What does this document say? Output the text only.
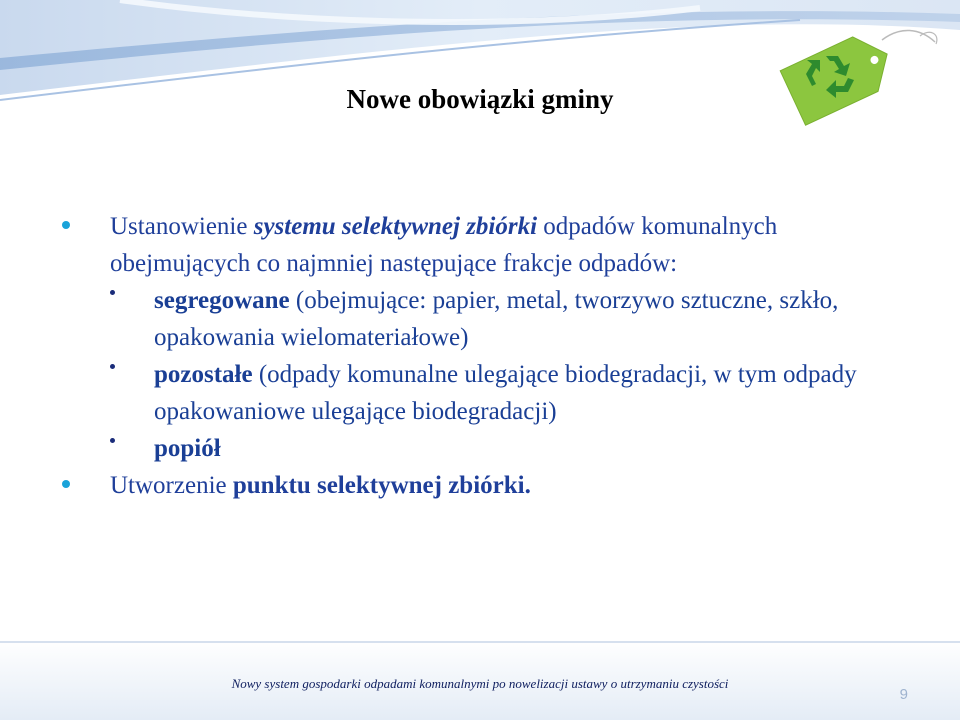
Nowe obowiązki gminy

Ustanowienie systemu selektywnej zbiórki odpadów komunalnych obejmujących co najmniej następujące frakcje odpadów:

segregowane (obejmujące: papier, metal, tworzywo sztuczne, szkło, opakowania wielomateriałowe)

pozostałe (odpady komunalne ulegające biodegradacji, w tym odpady opakowaniowe ulegające biodegradacji)

popiół

Utworzenie punktu selektywnej zbiórki.

Nowy system gospodarki odpadami komunalnymi po nowelizacji ustawy o utrzymaniu czystości
9
